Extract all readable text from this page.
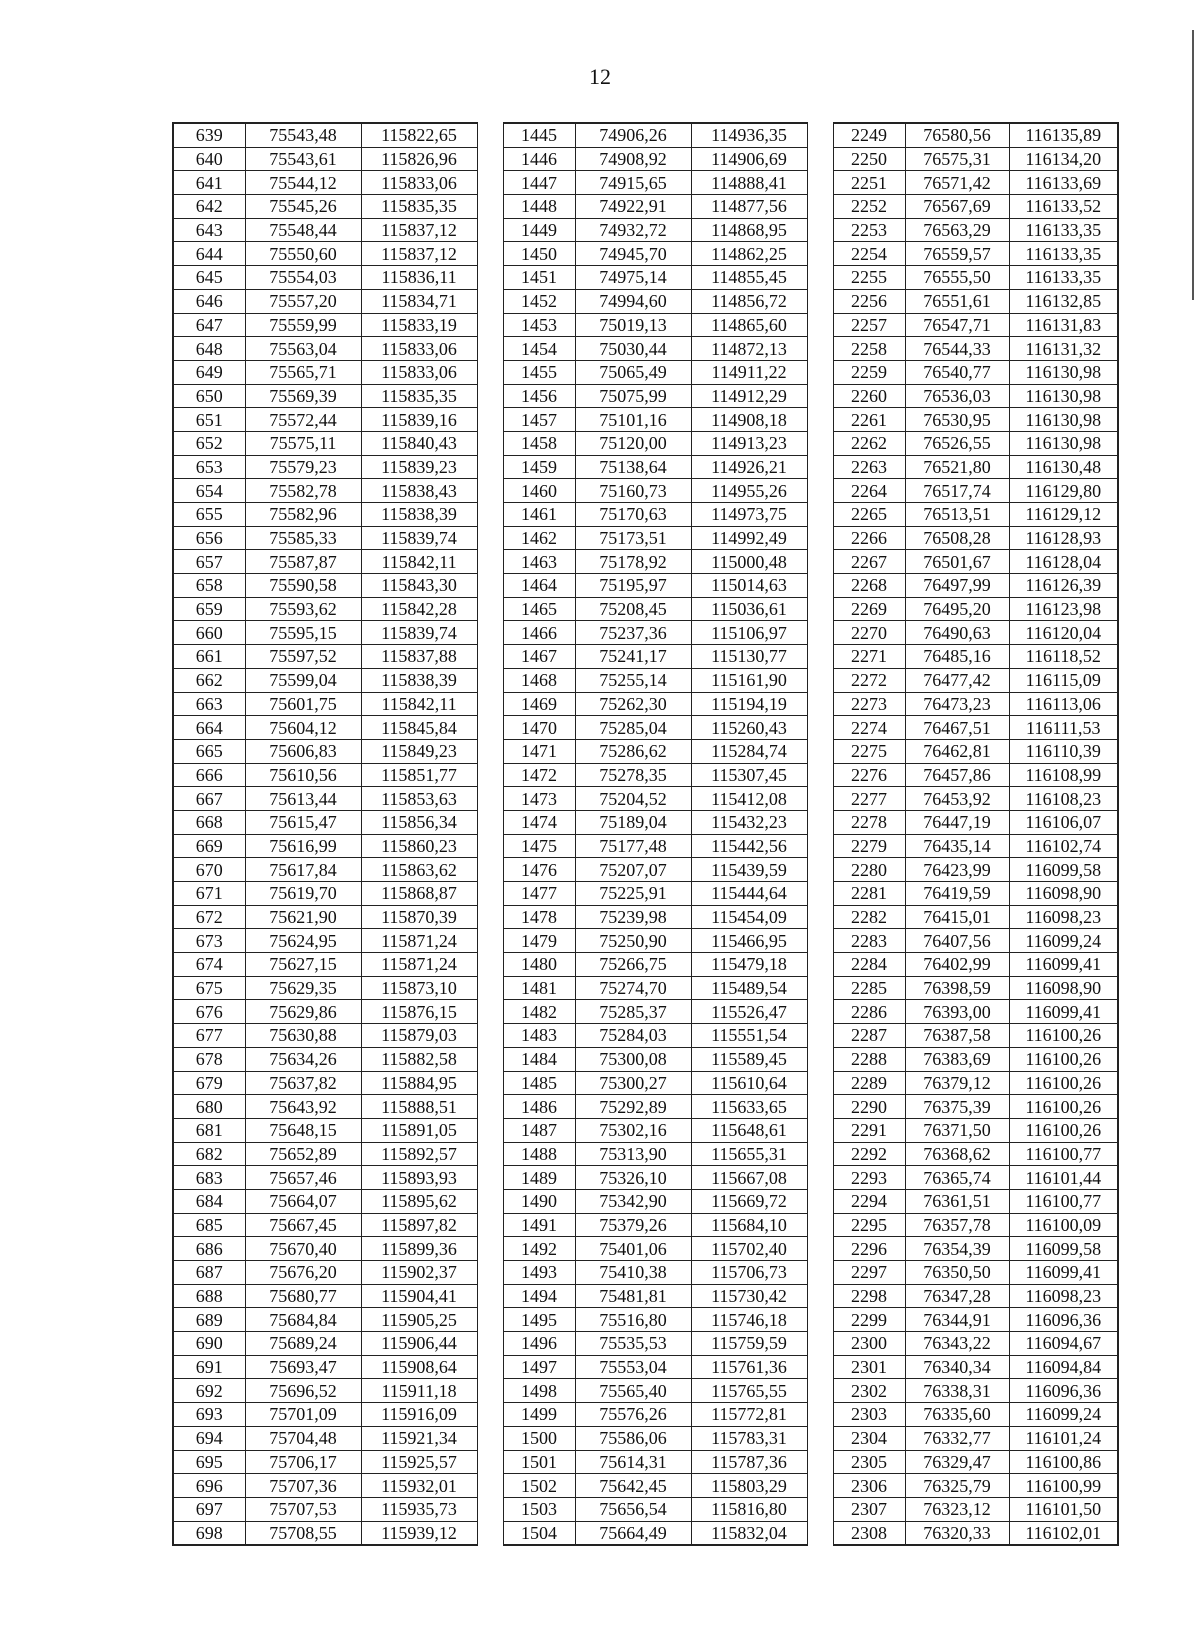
12
639	75543,48	115822,65		1445	74906,26	114936,35		2249	76580,56	116135,89
640	75543,61	115826,96		1446	74908,92	114906,69		2250	76575,31	116134,20
641	75544,12	115833,06		1447	74915,65	114888,41		2251	76571,42	116133,69
642	75545,26	115835,35		1448	74922,91	114877,56		2252	76567,69	116133,52
643	75548,44	115837,12		1449	74932,72	114868,95		2253	76563,29	116133,35
644	75550,60	115837,12		1450	74945,70	114862,25		2254	76559,57	116133,35
645	75554,03	115836,11		1451	74975,14	114855,45		2255	76555,50	116133,35
646	75557,20	115834,71		1452	74994,60	114856,72		2256	76551,61	116132,85
647	75559,99	115833,19		1453	75019,13	114865,60		2257	76547,71	116131,83
648	75563,04	115833,06		1454	75030,44	114872,13		2258	76544,33	116131,32
649	75565,71	115833,06		1455	75065,49	114911,22		2259	76540,77	116130,98
650	75569,39	115835,35		1456	75075,99	114912,29		2260	76536,03	116130,98
651	75572,44	115839,16		1457	75101,16	114908,18		2261	76530,95	116130,98
652	75575,11	115840,43		1458	75120,00	114913,23		2262	76526,55	116130,98
653	75579,23	115839,23		1459	75138,64	114926,21		2263	76521,80	116130,48
654	75582,78	115838,43		1460	75160,73	114955,26		2264	76517,74	116129,80
655	75582,96	115838,39		1461	75170,63	114973,75		2265	76513,51	116129,12
656	75585,33	115839,74		1462	75173,51	114992,49		2266	76508,28	116128,93
657	75587,87	115842,11		1463	75178,92	115000,48		2267	76501,67	116128,04
658	75590,58	115843,30		1464	75195,97	115014,63		2268	76497,99	116126,39
659	75593,62	115842,28		1465	75208,45	115036,61		2269	76495,20	116123,98
660	75595,15	115839,74		1466	75237,36	115106,97		2270	76490,63	116120,04
661	75597,52	115837,88		1467	75241,17	115130,77		2271	76485,16	116118,52
662	75599,04	115838,39		1468	75255,14	115161,90		2272	76477,42	116115,09
663	75601,75	115842,11		1469	75262,30	115194,19		2273	76473,23	116113,06
664	75604,12	115845,84		1470	75285,04	115260,43		2274	76467,51	116111,53
665	75606,83	115849,23		1471	75286,62	115284,74		2275	76462,81	116110,39
666	75610,56	115851,77		1472	75278,35	115307,45		2276	76457,86	116108,99
667	75613,44	115853,63		1473	75204,52	115412,08		2277	76453,92	116108,23
668	75615,47	115856,34		1474	75189,04	115432,23		2278	76447,19	116106,07
669	75616,99	115860,23		1475	75177,48	115442,56		2279	76435,14	116102,74
670	75617,84	115863,62		1476	75207,07	115439,59		2280	76423,99	116099,58
671	75619,70	115868,87		1477	75225,91	115444,64		2281	76419,59	116098,90
672	75621,90	115870,39		1478	75239,98	115454,09		2282	76415,01	116098,23
673	75624,95	115871,24		1479	75250,90	115466,95		2283	76407,56	116099,24
674	75627,15	115871,24		1480	75266,75	115479,18		2284	76402,99	116099,41
675	75629,35	115873,10		1481	75274,70	115489,54		2285	76398,59	116098,90
676	75629,86	115876,15		1482	75285,37	115526,47		2286	76393,00	116099,41
677	75630,88	115879,03		1483	75284,03	115551,54		2287	76387,58	116100,26
678	75634,26	115882,58		1484	75300,08	115589,45		2288	76383,69	116100,26
679	75637,82	115884,95		1485	75300,27	115610,64		2289	76379,12	116100,26
680	75643,92	115888,51		1486	75292,89	115633,65		2290	76375,39	116100,26
681	75648,15	115891,05		1487	75302,16	115648,61		2291	76371,50	116100,26
682	75652,89	115892,57		1488	75313,90	115655,31		2292	76368,62	116100,77
683	75657,46	115893,93		1489	75326,10	115667,08		2293	76365,74	116101,44
684	75664,07	115895,62		1490	75342,90	115669,72		2294	76361,51	116100,77
685	75667,45	115897,82		1491	75379,26	115684,10		2295	76357,78	116100,09
686	75670,40	115899,36		1492	75401,06	115702,40		2296	76354,39	116099,58
687	75676,20	115902,37		1493	75410,38	115706,73		2297	76350,50	116099,41
688	75680,77	115904,41		1494	75481,81	115730,42		2298	76347,28	116098,23
689	75684,84	115905,25		1495	75516,80	115746,18		2299	76344,91	116096,36
690	75689,24	115906,44		1496	75535,53	115759,59		2300	76343,22	116094,67
691	75693,47	115908,64		1497	75553,04	115761,36		2301	76340,34	116094,84
692	75696,52	115911,18		1498	75565,40	115765,55		2302	76338,31	116096,36
693	75701,09	115916,09		1499	75576,26	115772,81		2303	76335,60	116099,24
694	75704,48	115921,34		1500	75586,06	115783,31		2304	76332,77	116101,24
695	75706,17	115925,57		1501	75614,31	115787,36		2305	76329,47	116100,86
696	75707,36	115932,01		1502	75642,45	115803,29		2306	76325,79	116100,99
697	75707,53	115935,73		1503	75656,54	115816,80		2307	76323,12	116101,50
698	75708,55	115939,12		1504	75664,49	115832,04		2308	76320,33	116102,01
